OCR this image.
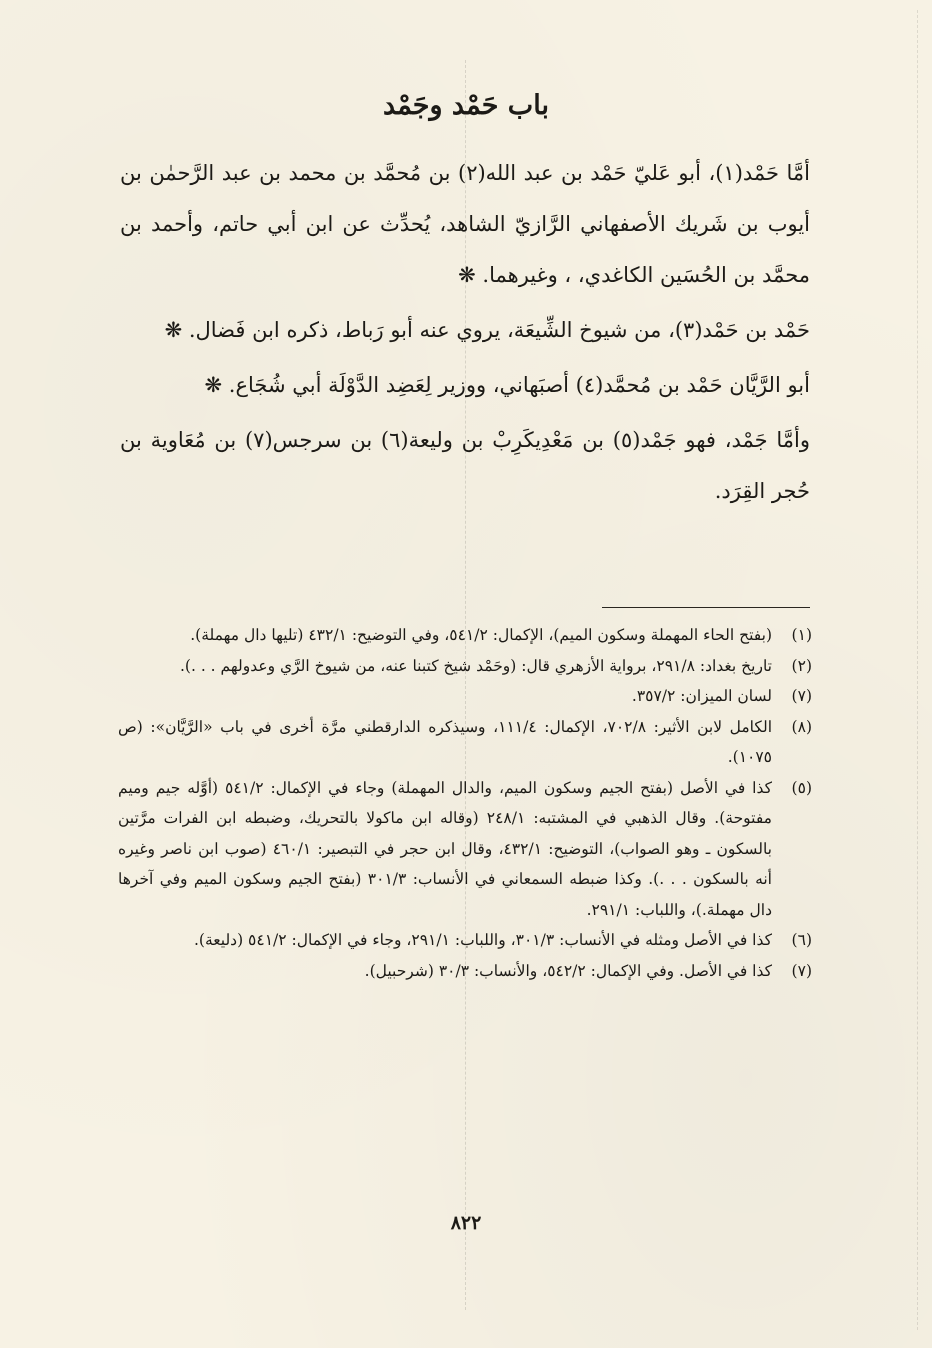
باب حَمْد وجَمْد

أمَّا حَمْد(١)، أبو عَليّ حَمْد بن عبد الله(٢) بن مُحمَّد بن محمد بن عبد الرَّحمٰن بن أيوب بن شَريك الأصفهاني الرَّازيّ الشاهد، يُحدِّث عن ابن أبي حاتم، وأحمد بن محمَّد بن الحُسَين الكاغدي، ، وغيرهما. ❋

حَمْد بن حَمْد(٣)، من شيوخ الشِّيعَة، يروي عنه أبو رَباط، ذكره ابن فَضال. ❋

أبو الرَّيَّان حَمْد بن مُحمَّد(٤) أصبَهاني، ووزير لِعَضِد الدَّوْلَة أبي شُجَاع. ❋

وأمَّا جَمْد، فهو جَمْد(٥) بن مَعْدِيكَرِبْ بن وليعة(٦) بن سرجس(٧) بن مُعَاوية بن حُجر القِرَد.

(١)
(بفتح الحاء المهملة وسكون الميم)، الإكمال: ٥٤١/٢، وفي التوضيح: ٤٣٢/١ (تليها دال مهملة).
(٢)
تاريخ بغداد: ٢٩١/٨، برواية الأزهري قال: (وحَمْد شيخ كتبنا عنه، من شيوخ الرَّي وعدولهم . . .).
(٧)
لسان الميزان: ٣٥٧/٢.
(٨)
الكامل لابن الأثير: ٧٠٢/٨، الإكمال: ١١١/٤، وسيذكره الدارقطني مرَّة أخرى في باب «الرَّيَّان»: (ص ١٠٧٥).
(٥)
كذا في الأصل (بفتح الجيم وسكون الميم، والدال المهملة) وجاء في الإكمال: ٥٤١/٢ (أوَّله جيم وميم مفتوحة). وقال الذهبي في المشتبه: ٢٤٨/١ (وقاله ابن ماكولا بالتحريك، وضبطه ابن الفرات مرَّتين بالسكون ـ وهو الصواب)، التوضيح: ٤٣٢/١، وقال ابن حجر في التبصير: ٤٦٠/١ (صوب ابن ناصر وغيره أنه بالسكون . . .). وكذا ضبطه السمعاني في الأنساب: ٣٠١/٣ (بفتح الجيم وسكون الميم وفي آخرها دال مهملة.)، واللباب: ٢٩١/١.
(٦)
كذا في الأصل ومثله في الأنساب: ٣٠١/٣، واللباب: ٢٩١/١، وجاء في الإكمال: ٥٤١/٢ (دليعة).
(٧)
كذا في الأصل. وفي الإكمال: ٥٤٢/٢، والأنساب: ٣٠/٣ (شرحبيل).
٨٢٢
